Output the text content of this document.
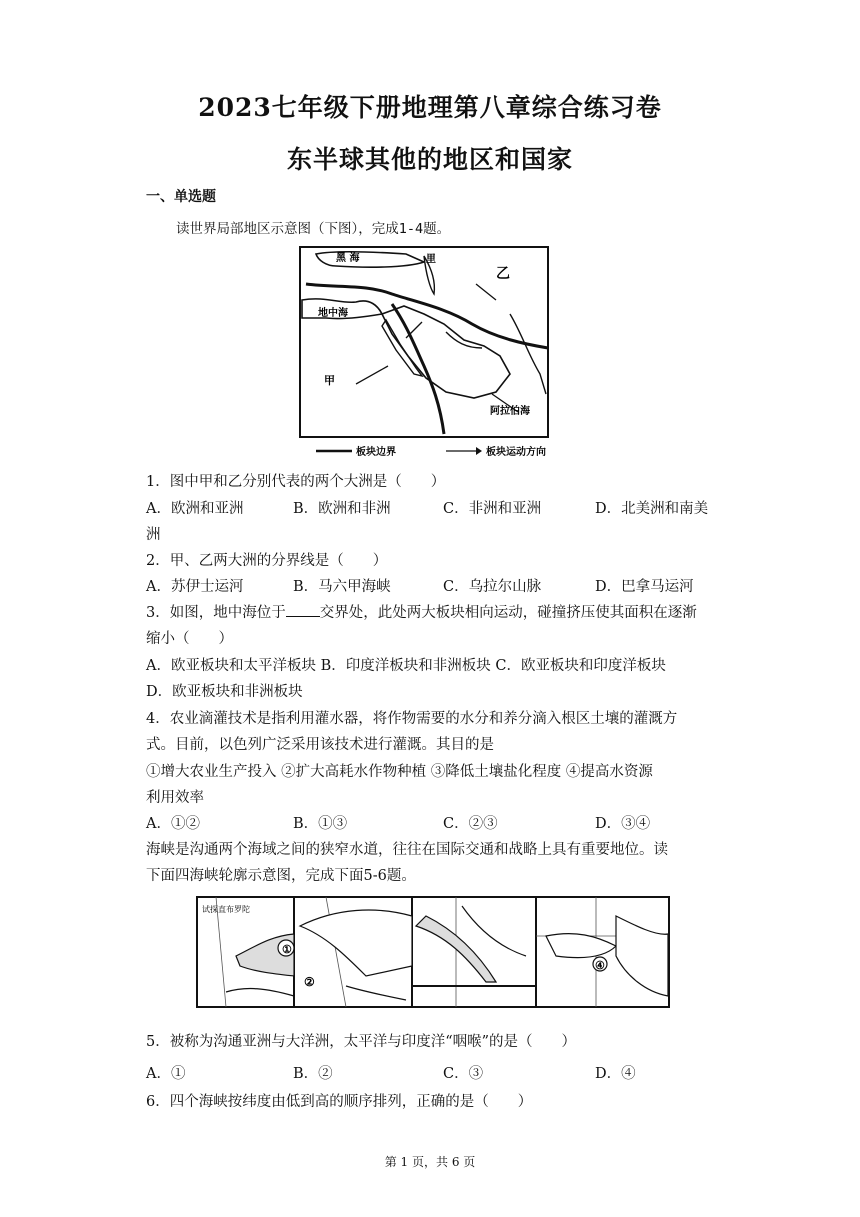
2023七年级下册地理第八章综合练习卷
东半球其他的地区和国家
一、单选题
读世界局部地区示意图（下图），完成1-4题。
黑 海	里
乙
地中海
甲
阿拉伯海
板块边界	板块运动方向
1．图中甲和乙分别代表的两个大洲是（　　）
A．欧洲和亚洲	B．欧洲和非洲	C．非洲和亚洲	D．北美洲和南美
洲
2．甲、乙两大洲的分界线是（　　）
A．苏伊士运河	B．马六甲海峡	C．乌拉尔山脉	D．巴拿马运河
3．如图，地中海位于 交界处，此处两大板块相向运动，碰撞挤压使其面积在逐渐
缩小（　　）
A．欧亚板块和太平洋板块 B．印度洋板块和非洲板块 C．欧亚板块和印度洋板块
D．欧亚板块和非洲板块
4．农业滴灌技术是指利用灌水器，将作物需要的水分和养分滴入根区土壤的灌溉方
式。目前，以色列广泛采用该技术进行灌溉。其目的是
①增大农业生产投入 ②扩大高耗水作物种植 ③降低土壤盐化程度 ④提高水资源
利用效率
A．①②	B．①③	C．②③	D．③④
海峡是沟通两个海域之间的狭窄水道，往往在国际交通和战略上具有重要地位。读
下面四海峡轮廓示意图，完成下面5-6题。
①
试探直布罗陀
②
④
5．被称为沟通亚洲与大洋洲，太平洋与印度洋“咽喉”的是（　　）
A．①	B．②	C．③	D．④
6．四个海峡按纬度由低到高的顺序排列，正确的是（　　）
第 1 页，共 6 页
